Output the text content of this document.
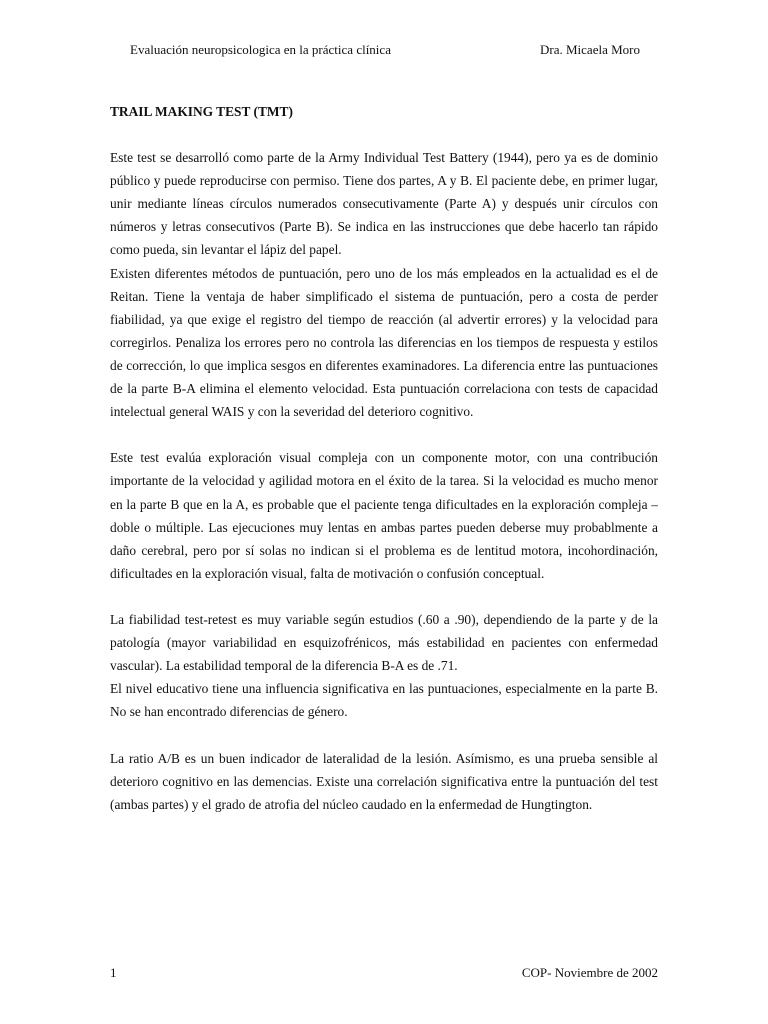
Evaluación neuropsicologica en la práctica clínica	Dra. Micaela Moro
TRAIL MAKING TEST (TMT)

Este test se desarrolló como parte de la Army Individual Test Battery (1944), pero ya es de dominio público y puede reproducirse con permiso. Tiene dos partes, A y B. El paciente debe, en primer lugar, unir mediante líneas círculos numerados consecutivamente (Parte A) y después unir círculos con números y letras consecutivos (Parte B). Se indica en las instrucciones que debe hacerlo tan rápido como pueda, sin levantar el lápiz del papel.

Existen diferentes métodos de puntuación, pero uno de los más empleados en la actualidad es el de Reitan. Tiene la ventaja de haber simplificado el sistema de puntuación, pero a costa de perder fiabilidad, ya que exige el registro del tiempo de reacción (al advertir errores) y la velocidad para corregirlos. Penaliza los errores pero no controla las diferencias en los tiempos de respuesta y estilos de corrección, lo que implica sesgos en diferentes examinadores. La diferencia entre las puntuaciones de la parte B-A elimina el elemento velocidad. Esta puntuación correlaciona con tests de capacidad intelectual general WAIS y con la severidad del deterioro cognitivo.

Este test evalúa exploración visual compleja con un componente motor, con una contribución importante de la velocidad y agilidad motora en el éxito de la tarea. Si la velocidad es mucho menor en la parte B que en la A, es probable que el paciente tenga dificultades en la exploración compleja –doble o múltiple. Las ejecuciones muy lentas en ambas partes pueden deberse muy probablmente a daño cerebral, pero por sí solas no indican si el problema es de lentitud motora, incohordinación, dificultades en la exploración visual, falta de motivación o confusión conceptual.

La fiabilidad test-retest es muy variable según estudios (.60 a .90), dependiendo de la parte y de la patología (mayor variabilidad en esquizofrénicos, más estabilidad en pacientes con enfermedad vascular). La estabilidad temporal de la diferencia B-A es de .71.

El nivel educativo tiene una influencia significativa en las puntuaciones, especialmente en la parte B. No se han encontrado diferencias de género.

La ratio A/B es un buen indicador de lateralidad de la lesión. Asímismo, es una prueba sensible al deterioro cognitivo en las demencias. Existe una correlación significativa entre la puntuación del test (ambas partes) y el grado de atrofia del núcleo caudado en la enfermedad de Hungtington.

1	COP- Noviembre de 2002
